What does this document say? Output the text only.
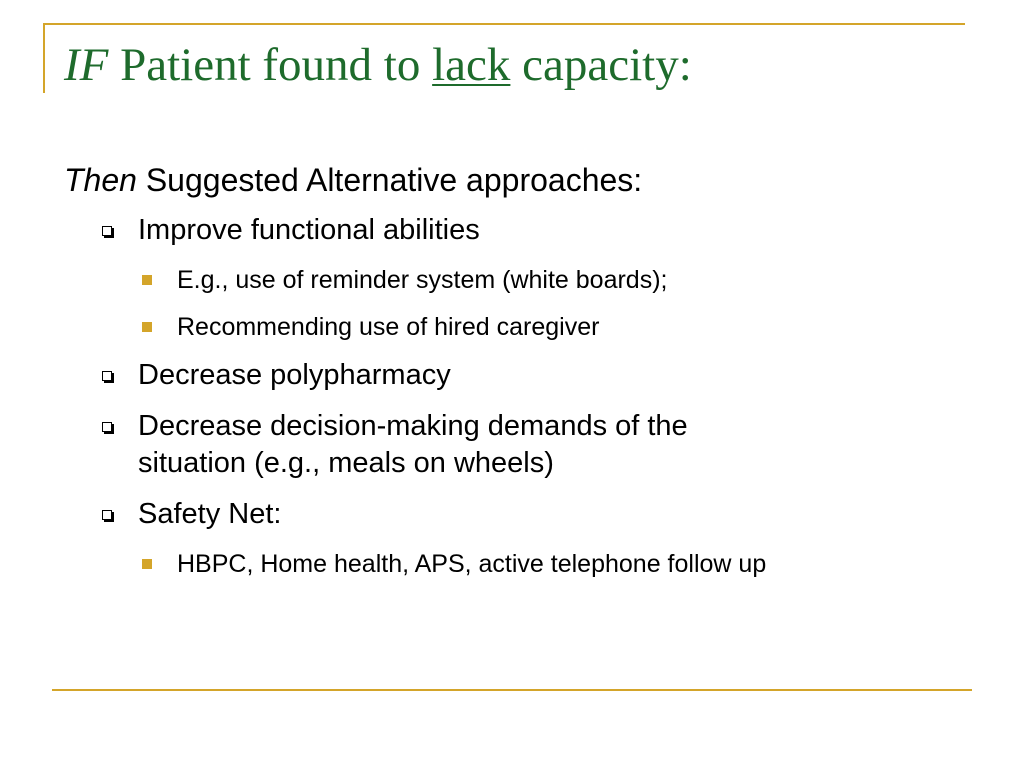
IF Patient found to lack capacity:
Then Suggested Alternative approaches:
Improve functional abilities
E.g., use of reminder system (white boards);
Recommending use of hired caregiver
Decrease polypharmacy
Decrease decision-making demands of the
situation (e.g., meals on wheels)
Safety Net:
HBPC, Home health, APS, active telephone follow up
